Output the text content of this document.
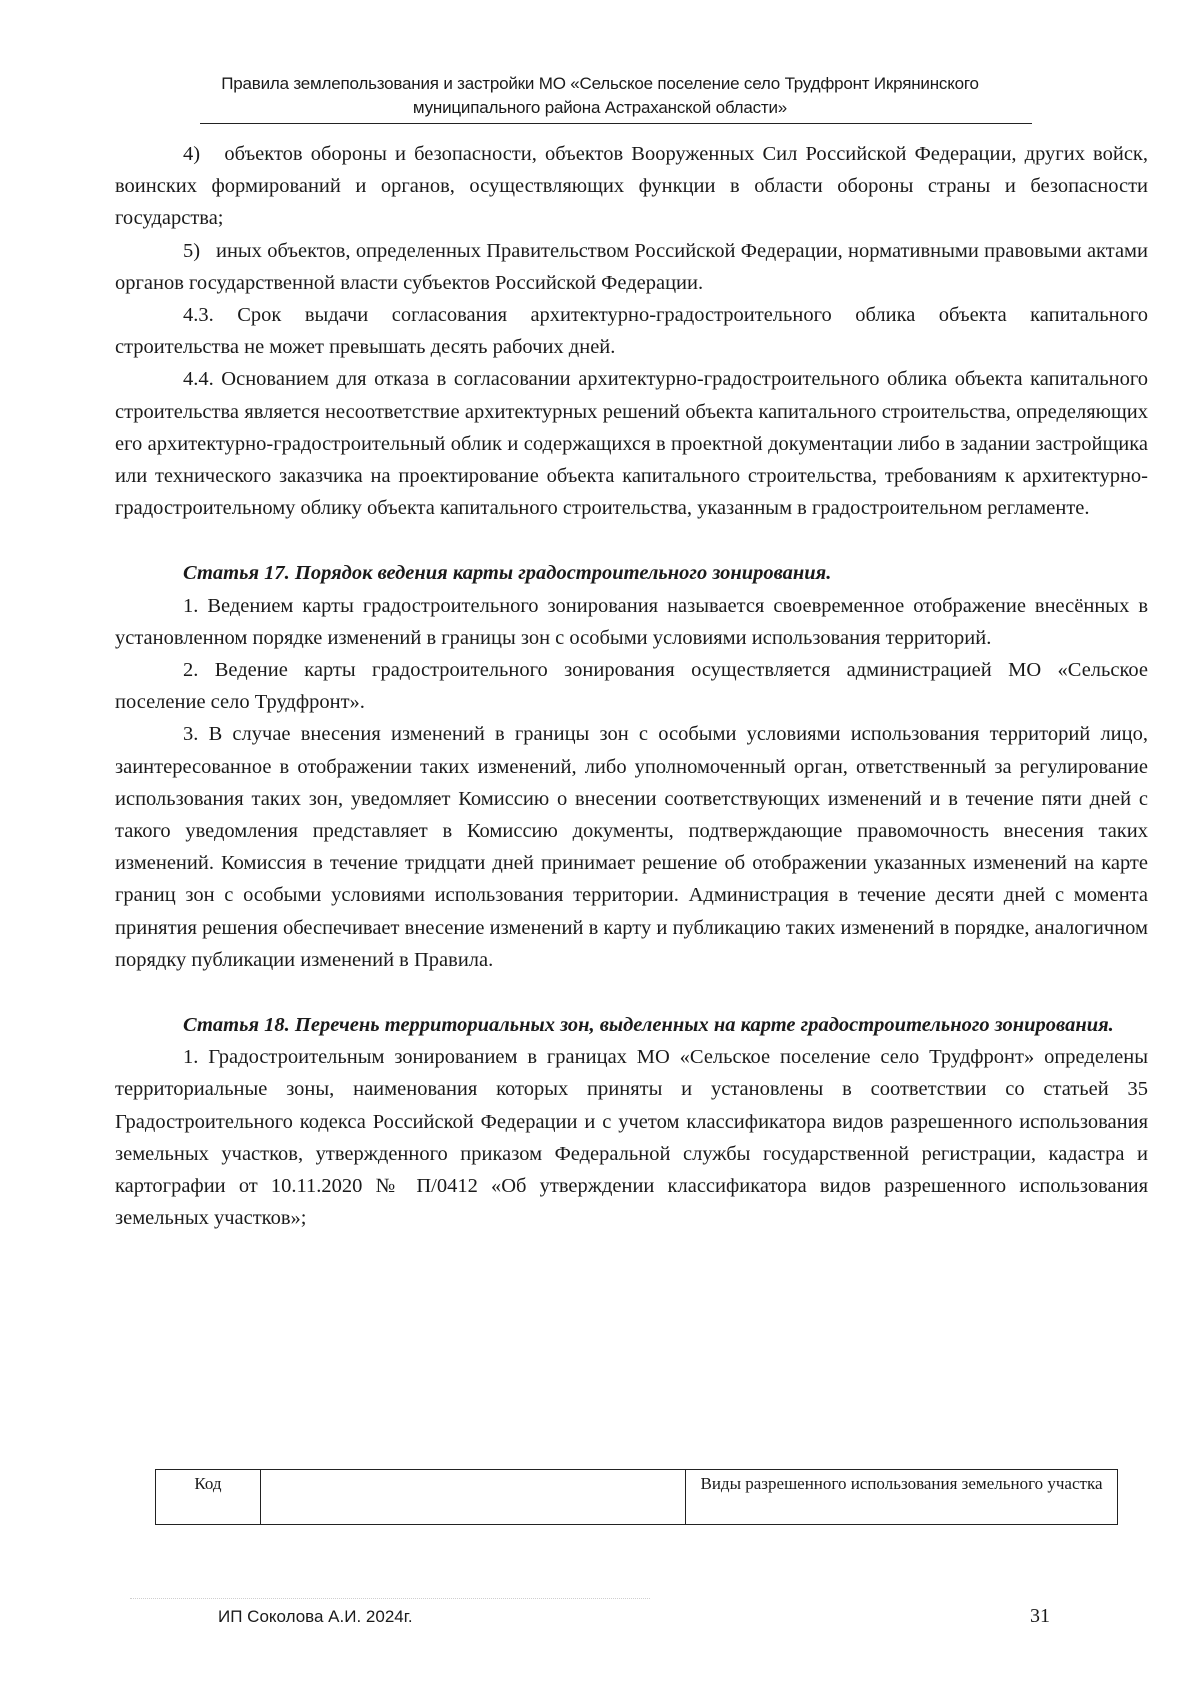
Правила землепользования и застройки МО «Сельское поселение село Трудфронт Икрянинского
муниципального района Астраханской области»

4)   объектов обороны и безопасности, объектов Вооруженных Сил Российской Федерации, других войск, воинских формирований и органов, осуществляющих функции в области обороны страны и безопасности государства;

5)   иных объектов, определенных Правительством Российской Федерации, нормативными правовыми актами органов государственной власти субъектов Российской Федерации.

4.3. Срок выдачи согласования архитектурно-градостроительного облика объекта капитального строительства не может превышать десять рабочих дней.

4.4. Основанием для отказа в согласовании архитектурно-градостроительного облика объекта капитального строительства является несоответствие архитектурных решений объекта капитального строительства, определяющих его архитектурно-градостроительный облик и содержащихся в проектной документации либо в задании застройщика или технического заказчика на проектирование объекта капитального строительства, требованиям к архитектурно-градостроительному облику объекта капитального строительства, указанным в градостроительном регламенте.

Статья 17. Порядок ведения карты градостроительного зонирования.

1. Ведением карты градостроительного зонирования называется своевременное отображение внесённых в установленном порядке изменений в границы зон с особыми условиями использования территорий.

2. Ведение карты градостроительного зонирования осуществляется администрацией МО «Сельское поселение село Трудфронт».

3. В случае внесения изменений в границы зон с особыми условиями использования территорий лицо, заинтересованное в отображении таких изменений, либо уполномоченный орган, ответственный за регулирование использования таких зон, уведомляет Комиссию о внесении соответствующих изменений и в течение пяти дней с такого уведомления представляет в Комиссию документы, подтверждающие правомочность внесения таких изменений. Комиссия в течение тридцати дней принимает решение об отображении указанных изменений на карте границ зон с особыми условиями использования территории. Администрация в течение десяти дней с момента принятия решения обеспечивает внесение изменений в карту и публикацию таких изменений в порядке, аналогичном порядку публикации изменений в Правила.

Статья 18. Перечень территориальных зон, выделенных на карте градостроительного зонирования.

1. Градостроительным зонированием в границах МО «Сельское поселение село Трудфронт» определены территориальные зоны, наименования которых приняты и установлены в соответствии со статьей 35 Градостроительного кодекса Российской Федерации и с учетом классификатора видов разрешенного использования земельных участков, утвержденного приказом Федеральной службы государственной регистрации, кадастра и картографии от 10.11.2020 № П/0412 «Об утверждении классификатора видов разрешенного использования земельных участков»;

Код		Виды разрешенного использования земельного участка
ИП Соколова А.И. 2024г.	31
